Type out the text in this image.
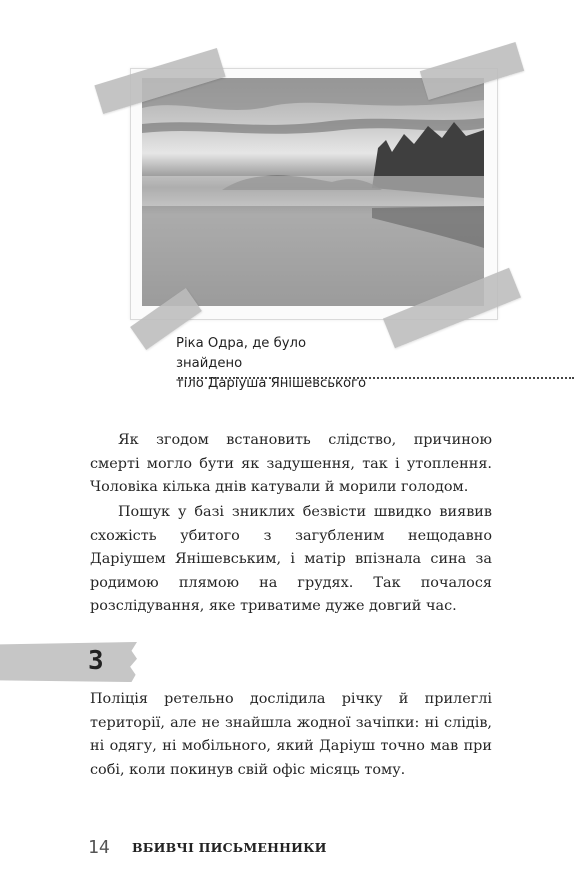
Ріка Одра, де було знайдено
тіло Даріуша Янішевського

Як згодом встановить слідство, причиною смерті могло бути як задушення, так і утоплення. Чоловіка кілька днів катували й морили голодом.

Пошук у базі зниклих безвісти швидко виявив схожість убитого з загубленим нещодавно Даріушем Янішевським, і матір впізнала сина за родимою плямою на грудях. Так почалося розслідування, яке триватиме дуже довгий час.

3

Поліція ретельно дослідила річку й прилеглі території, але не знайшла жодної зачіпки: ні слідів, ні одягу, ні мобільного, який Даріуш точно мав при собі, коли покинув свій офіс місяць тому.

14 ВБИВЧІ ПИСЬМЕННИКИ
